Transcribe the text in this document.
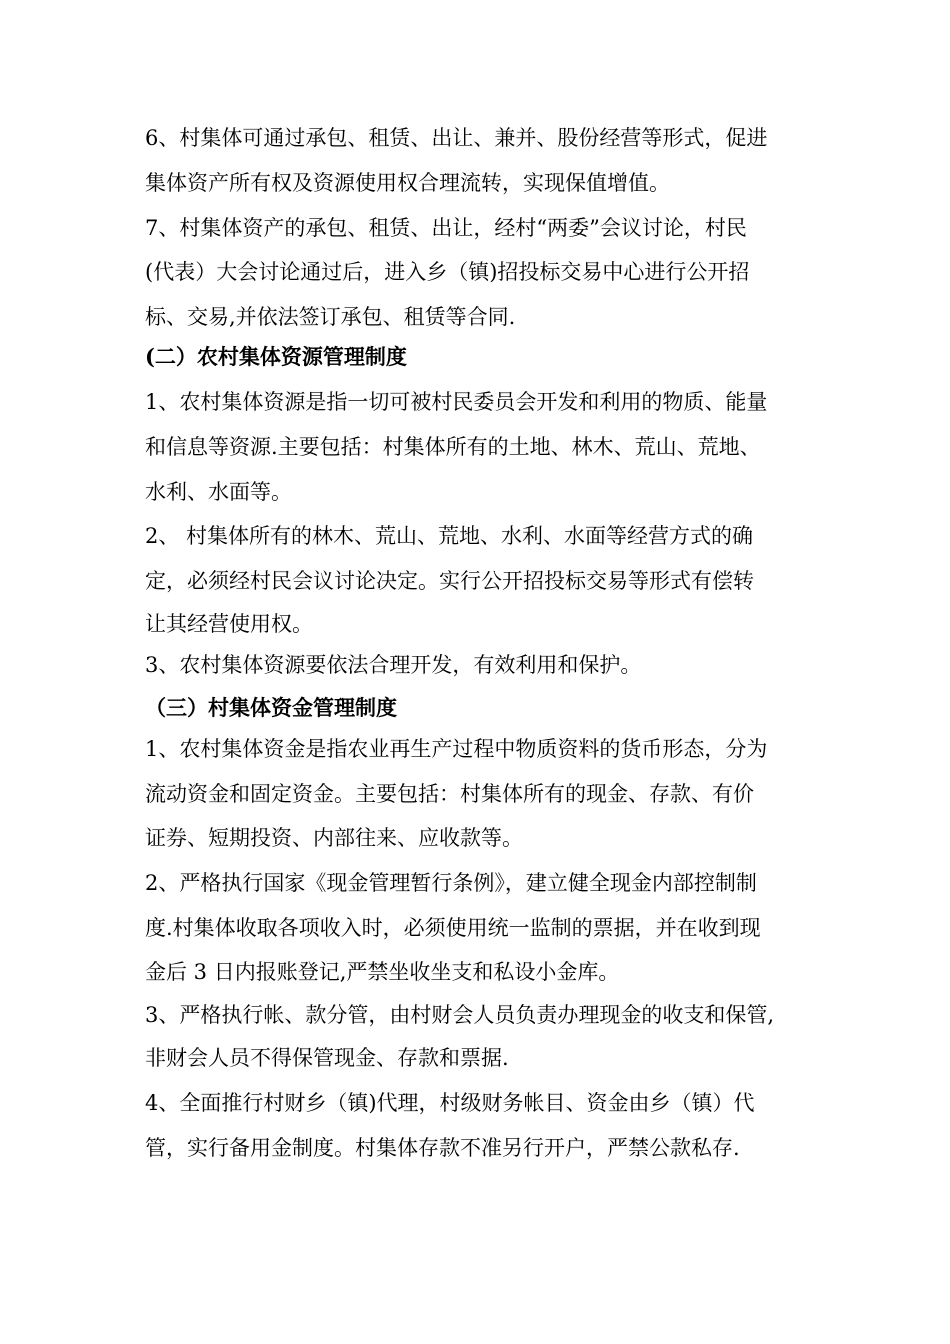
6、村集体可通过承包、租赁、出让、兼并、股份经营等形式，促进
集体资产所有权及资源使用权合理流转，实现保值增值。
7、村集体资产的承包、租赁、出让，经村“两委”会议讨论，村民
(代表）大会讨论通过后，进入乡（镇)招投标交易中心进行公开招
标、交易,并依法签订承包、租赁等合同.
(二）农村集体资源管理制度
1、农村集体资源是指一切可被村民委员会开发和利用的物质、能量
和信息等资源.主要包括：村集体所有的土地、林木、荒山、荒地、
水利、水面等。
2、 村集体所有的林木、荒山、荒地、水利、水面等经营方式的确
定，必须经村民会议讨论决定。实行公开招投标交易等形式有偿转
让其经营使用权。
3、农村集体资源要依法合理开发，有效利用和保护。
（三）村集体资金管理制度
1、农村集体资金是指农业再生产过程中物质资料的货币形态，分为
流动资金和固定资金。主要包括：村集体所有的现金、存款、有价
证券、短期投资、内部往来、应收款等。
2、严格执行国家《现金管理暂行条例》，建立健全现金内部控制制
度.村集体收取各项收入时，必须使用统一监制的票据，并在收到现
金后 3 日内报账登记,严禁坐收坐支和私设小金库。
3、严格执行帐、款分管，由村财会人员负责办理现金的收支和保管,
非财会人员不得保管现金、存款和票据.
4、全面推行村财乡（镇)代理，村级财务帐目、资金由乡（镇）代
管，实行备用金制度。村集体存款不准另行开户，严禁公款私存.
